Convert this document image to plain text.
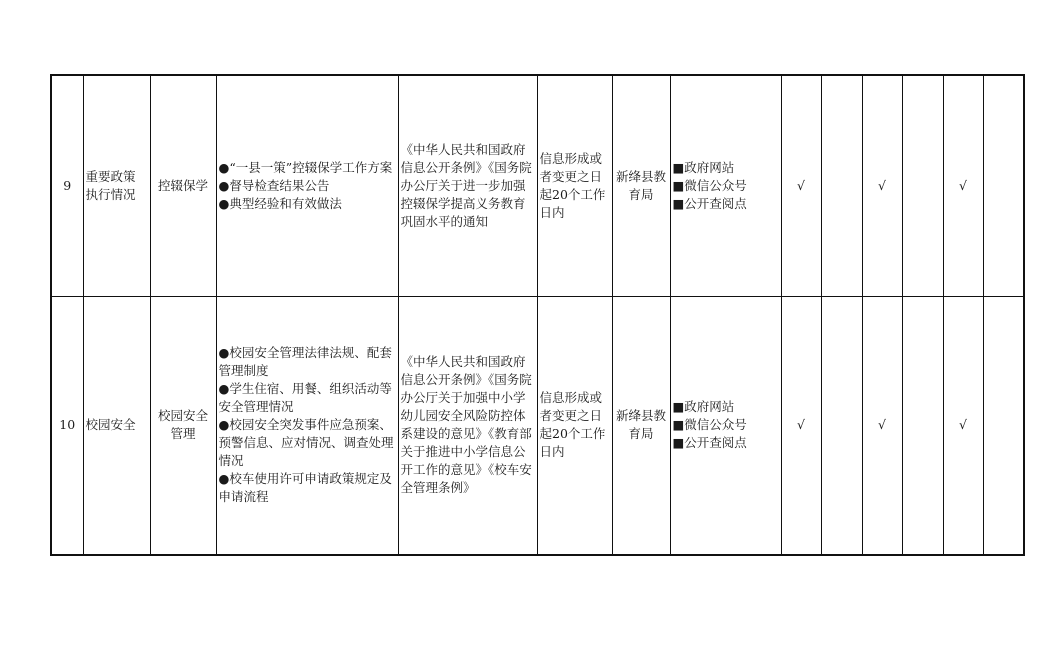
9	重要政策执行情况	控辍保学	●“一县一策”控辍保学工作方案
●督导检查结果公告
●典型经验和有效做法	《中华人民共和国政府信息公开条例》《国务院办公厅关于进一步加强控辍保学提高义务教育巩固水平的通知	信息形成或者变更之日起20个工作日内	新绛县教育局	■政府网站
■微信公众号
■公开查阅点	√		√		√	
10	校园安全	校园安全管理	●校园安全管理法律法规、配套管理制度
●学生住宿、用餐、组织活动等安全管理情况
●校园安全突发事件应急预案、预警信息、应对情况、调查处理情况
●校车使用许可申请政策规定及申请流程	《中华人民共和国政府信息公开条例》《国务院办公厅关于加强中小学幼儿园安全风险防控体系建设的意见》《教育部关于推进中小学信息公开工作的意见》《校车安全管理条例》	信息形成或者变更之日起20个工作日内	新绛县教育局	■政府网站
■微信公众号
■公开查阅点	√		√		√	
